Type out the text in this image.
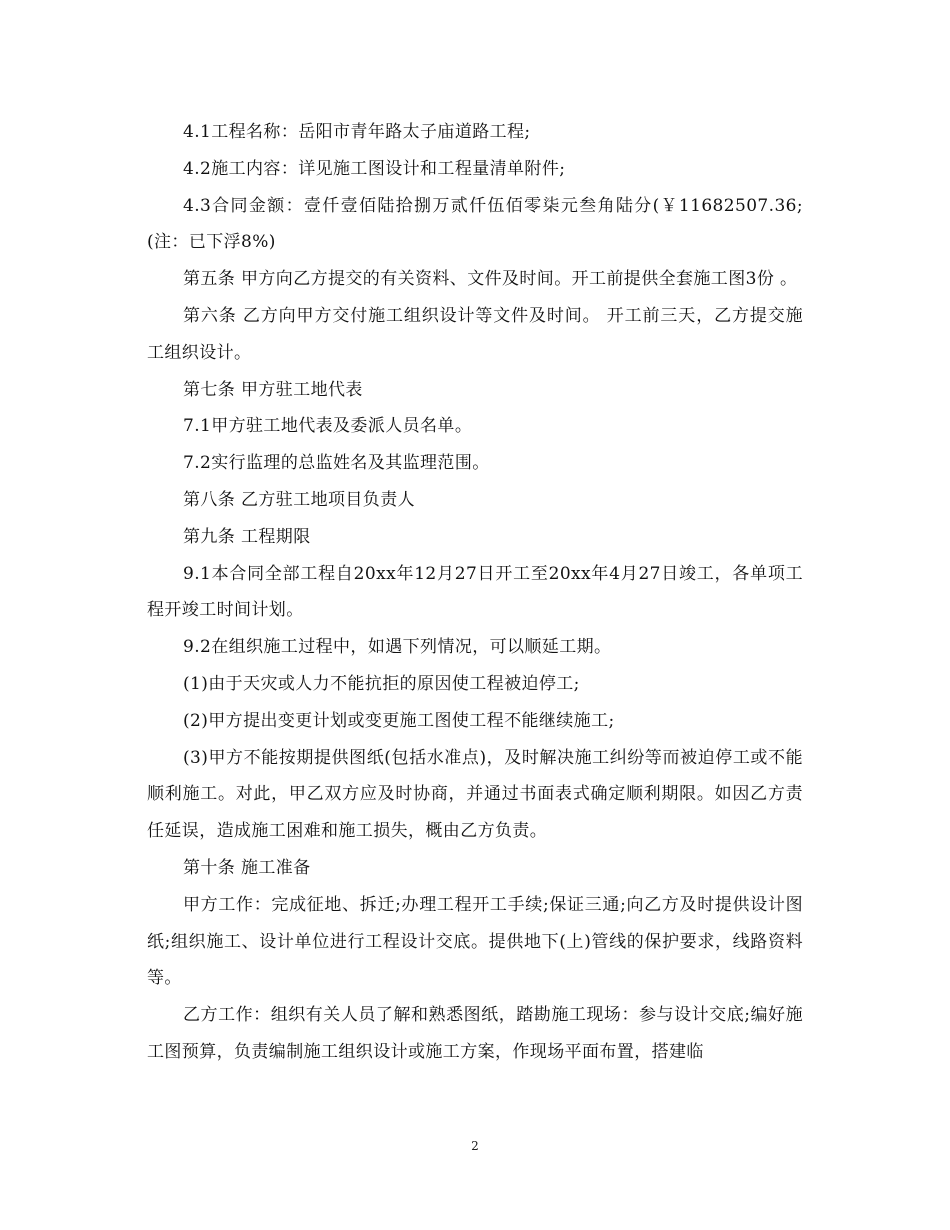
4.1工程名称：岳阳市青年路太子庙道路工程;

4.2施工内容：详见施工图设计和工程量清单附件;

4.3合同金额：壹仟壹佰陆拾捌万贰仟伍佰零柒元叁角陆分(￥11682507.36;(注：已下浮8%)

第五条 甲方向乙方提交的有关资料、文件及时间。开工前提供全套施工图3份 。

第六条 乙方向甲方交付施工组织设计等文件及时间。 开工前三天，乙方提交施工组织设计。

第七条 甲方驻工地代表

7.1甲方驻工地代表及委派人员名单。

7.2实行监理的总监姓名及其监理范围。

第八条 乙方驻工地项目负责人

第九条 工程期限

9.1本合同全部工程自20xx年12月27日开工至20xx年4月27日竣工，各单项工程开竣工时间计划。

9.2在组织施工过程中，如遇下列情况，可以顺延工期。

(1)由于天灾或人力不能抗拒的原因使工程被迫停工;

(2)甲方提出变更计划或变更施工图使工程不能继续施工;

(3)甲方不能按期提供图纸(包括水准点)，及时解决施工纠纷等而被迫停工或不能顺利施工。对此，甲乙双方应及时协商，并通过书面表式确定顺利期限。如因乙方责任延误，造成施工困难和施工损失，概由乙方负责。

第十条 施工准备

甲方工作：完成征地、拆迁;办理工程开工手续;保证三通;向乙方及时提供设计图纸;组织施工、设计单位进行工程设计交底。提供地下(上)管线的保护要求，线路资料等。

乙方工作：组织有关人员了解和熟悉图纸，踏勘施工现场：参与设计交底;编好施工图预算，负责编制施工组织设计或施工方案，作现场平面布置，搭建临

2
